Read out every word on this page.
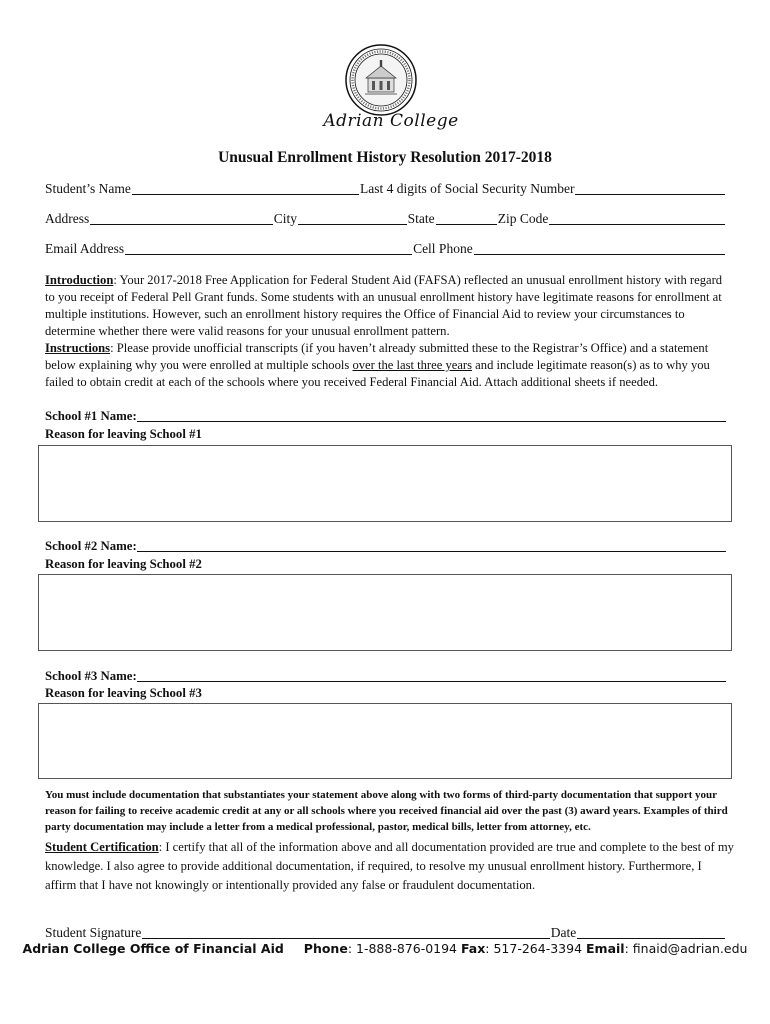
Adrian College
Unusual Enrollment History Resolution 2017-2018
Student’s Name	Last 4 digits of Social Security Number
Address	City	State	Zip Code
Email Address	Cell Phone
Introduction: Your 2017-2018 Free Application for Federal Student Aid (FAFSA) reflected an unusual enrollment history with regard to you receipt of Federal Pell Grant funds. Some students with an unusual enrollment history have legitimate reasons for enrollment at multiple institutions. However, such an enrollment history requires the Office of Financial Aid to review your circumstances to determine whether there were valid reasons for your unusual enrollment pattern.
Instructions: Please provide unofficial transcripts (if you haven’t already submitted these to the Registrar’s Office) and a statement below explaining why you were enrolled at multiple schools over the last three years and include legitimate reason(s) as to why you failed to obtain credit at each of the schools where you received Federal Financial Aid. Attach additional sheets if needed.
School #1 Name:
Reason for leaving School #1
School #2 Name:
Reason for leaving School #2
School #3 Name:
Reason for leaving School #3
You must include documentation that substantiates your statement above along with two forms of third-party documentation that support your reason for failing to receive academic credit at any or all schools where you received financial aid over the past (3) award years. Examples of third party documentation may include a letter from a medical professional, pastor, medical bills, letter from attorney, etc.
Student Certification: I certify that all of the information above and all documentation provided are true and complete to the best of my knowledge. I also agree to provide additional documentation, if required, to resolve my unusual enrollment history. Furthermore, I affirm that I have not knowingly or intentionally provided any false or fraudulent documentation.
Student Signature	Date
Adrian College Office of Financial Aid Phone: 1-888-876-0194 Fax: 517-264-3394 Email: finaid@adrian.edu
